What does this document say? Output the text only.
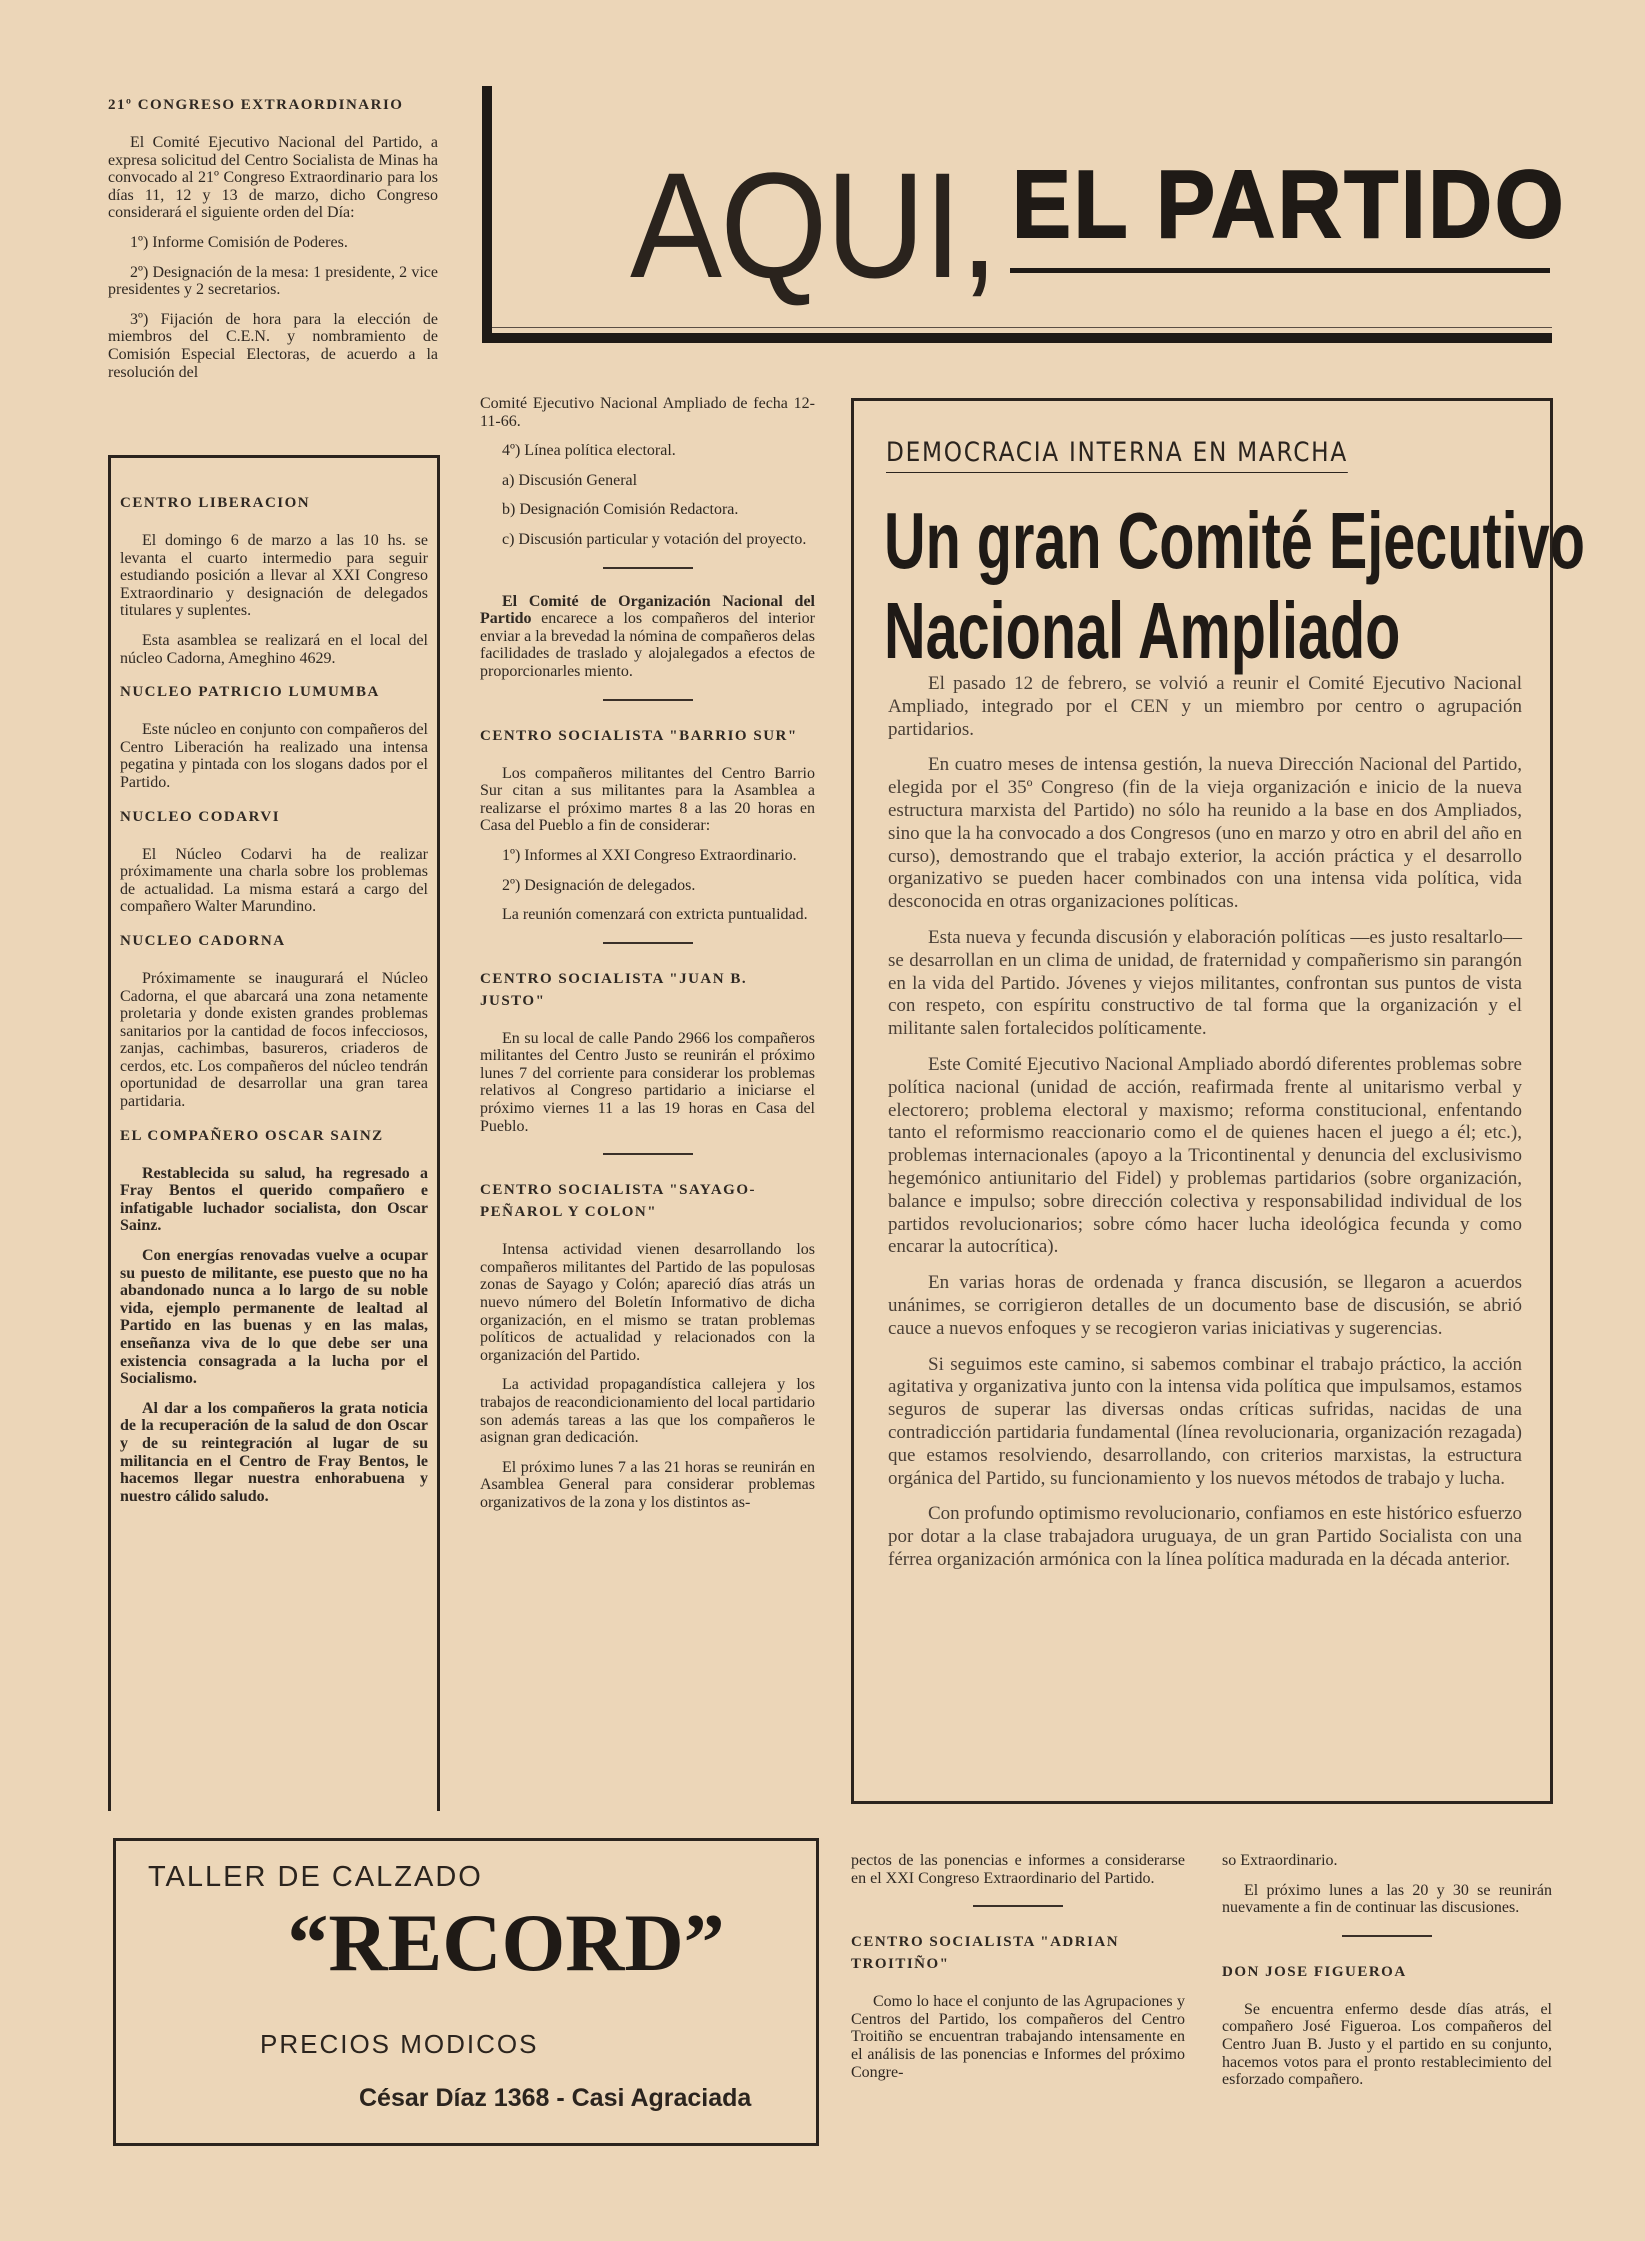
AQUI, EL PARTIDO
21º CONGRESO EXTRAORDINARIO

El Comité Ejecutivo Nacional del Partido, a expresa solicitud del Centro Socialista de Minas ha convocado al 21º Congreso Extraordinario para los días 11, 12 y 13 de marzo, dicho Congreso considerará el siguiente orden del Día:

1º) Informe Comisión de Poderes.

2º) Designación de la mesa: 1 presidente, 2 vice presidentes y 2 secretarios.

3º) Fijación de hora para la elección de miembros del C.E.N. y nombramiento de Comisión Especial Electoras, de acuerdo a la resolución del

CENTRO LIBERACION

El domingo 6 de marzo a las 10 hs. se levanta el cuarto intermedio para seguir estudiando posición a llevar al XXI Congreso Extraordinario y designación de delegados titulares y suplentes.

Esta asamblea se realizará en el local del núcleo Cadorna, Ameghino 4629.

NUCLEO PATRICIO LUMUMBA

Este núcleo en conjunto con compañeros del Centro Liberación ha realizado una intensa pegatina y pintada con los slogans dados por el Partido.

NUCLEO CODARVI

El Núcleo Codarvi ha de realizar próximamente una charla sobre los problemas de actualidad. La misma estará a cargo del compañero Walter Marundino.

NUCLEO CADORNA

Próximamente se inaugurará el Núcleo Cadorna, el que abarcará una zona netamente proletaria y donde existen grandes problemas sanitarios por la cantidad de focos infecciosos, zanjas, cachimbas, basureros, criaderos de cerdos, etc. Los compañeros del núcleo tendrán oportunidad de desarrollar una gran tarea partidaria.

EL COMPAÑERO OSCAR SAINZ

Restablecida su salud, ha regresado a Fray Bentos el querido compañero e infatigable luchador socialista, don Oscar Sainz.

Con energías renovadas vuelve a ocupar su puesto de militante, ese puesto que no ha abandonado nunca a lo largo de su noble vida, ejemplo permanente de lealtad al Partido en las buenas y en las malas, enseñanza viva de lo que debe ser una existencia consagrada a la lucha por el Socialismo.

Al dar a los compañeros la grata noticia de la recuperación de la salud de don Oscar y de su reintegración al lugar de su militancia en el Centro de Fray Bentos, le hacemos llegar nuestra enhorabuena y nuestro cálido saludo.

Comité Ejecutivo Nacional Ampliado de fecha 12-11-66.

4º) Línea política electoral.

a) Discusión General

b) Designación Comisión Redactora.

c) Discusión particular y votación del proyecto.

El Comité de Organización Nacional del Partido encarece a los compañeros del interior enviar a la brevedad la nómina de compañeros delas facilidades de traslado y alojalegados a efectos de proporcionarles miento.

CENTRO SOCIALISTA "BARRIO SUR"

Los compañeros militantes del Centro Barrio Sur citan a sus militantes para la Asamblea a realizarse el próximo martes 8 a las 20 horas en Casa del Pueblo a fin de considerar:

1º) Informes al XXI Congreso Extraordinario.

2º) Designación de delegados.

La reunión comenzará con extricta puntualidad.

CENTRO SOCIALISTA "JUAN B. JUSTO"

En su local de calle Pando 2966 los compañeros militantes del Centro Justo se reunirán el próximo lunes 7 del corriente para considerar los problemas relativos al Congreso partidario a iniciarse el próximo viernes 11 a las 19 horas en Casa del Pueblo.

CENTRO SOCIALISTA "SAYAGO-PEÑAROL Y COLON"

Intensa actividad vienen desarrollando los compañeros militantes del Partido de las populosas zonas de Sayago y Colón; apareció días atrás un nuevo número del Boletín Informativo de dicha organización, en el mismo se tratan problemas políticos de actualidad y relacionados con la organización del Partido.

La actividad propagandística callejera y los trabajos de reacondicionamiento del local partidario son además tareas a las que los compañeros le asignan gran dedicación.

El próximo lunes 7 a las 21 horas se reunirán en Asamblea General para considerar problemas organizativos de la zona y los distintos as-

DEMOCRACIA INTERNA EN MARCHA
Un gran Comité Ejecutivo
Nacional Ampliado

El pasado 12 de febrero, se volvió a reunir el Comité Ejecutivo Nacional Ampliado, integrado por el CEN y un miembro por centro o agrupación partidarios.

En cuatro meses de intensa gestión, la nueva Dirección Nacional del Partido, elegida por el 35º Congreso (fin de la vieja organización e inicio de la nueva estructura marxista del Partido) no sólo ha reunido a la base en dos Ampliados, sino que la ha convocado a dos Congresos (uno en marzo y otro en abril del año en curso), demostrando que el trabajo exterior, la acción práctica y el desarrollo organizativo se pueden hacer combinados con una intensa vida política, vida desconocida en otras organizaciones políticas.

Esta nueva y fecunda discusión y elaboración políticas —es justo resaltarlo— se desarrollan en un clima de unidad, de fraternidad y compañerismo sin parangón en la vida del Partido. Jóvenes y viejos militantes, confrontan sus puntos de vista con respeto, con espíritu constructivo de tal forma que la organización y el militante salen fortalecidos políticamente.

Este Comité Ejecutivo Nacional Ampliado abordó diferentes problemas sobre política nacional (unidad de acción, reafirmada frente al unitarismo verbal y electorero; problema electoral y maxismo; reforma constitucional, enfentando tanto el reformismo reaccionario como el de quienes hacen el juego a él; etc.), problemas internacionales (apoyo a la Tricontinental y denuncia del exclusivismo hegemónico antiunitario del Fidel) y problemas partidarios (sobre organización, balance e impulso; sobre dirección colectiva y responsabilidad individual de los partidos revolucionarios; sobre cómo hacer lucha ideológica fecunda y como encarar la autocrítica).

En varias horas de ordenada y franca discusión, se llegaron a acuerdos unánimes, se corrigieron detalles de un documento base de discusión, se abrió cauce a nuevos enfoques y se recogieron varias iniciativas y sugerencias.

Si seguimos este camino, si sabemos combinar el trabajo práctico, la acción agitativa y organizativa junto con la intensa vida política que impulsamos, estamos seguros de superar las diversas ondas críticas sufridas, nacidas de una contradicción partidaria fundamental (línea revolucionaria, organización rezagada) que estamos resolviendo, desarrollando, con criterios marxistas, la estructura orgánica del Partido, su funcionamiento y los nuevos métodos de trabajo y lucha.

Con profundo optimismo revolucionario, confiamos en este histórico esfuerzo por dotar a la clase trabajadora uruguaya, de un gran Partido Socialista con una férrea organización armónica con la línea política madurada en la década anterior.

TALLER DE CALZADO
“RECORD”
PRECIOS MODICOS
César Díaz 1368 - Casi Agraciada

pectos de las ponencias e informes a considerarse en el XXI Congreso Extraordinario del Partido.

CENTRO SOCIALISTA "ADRIAN TROITIÑO"

Como lo hace el conjunto de las Agrupaciones y Centros del Partido, los compañeros del Centro Troitiño se encuentran trabajando intensamente en el análisis de las ponencias e Informes del próximo Congre-

so Extraordinario.

El próximo lunes a las 20 y 30 se reunirán nuevamente a fin de continuar las discusiones.

DON JOSE FIGUEROA

Se encuentra enfermo desde días atrás, el compañero José Figueroa. Los compañeros del Centro Juan B. Justo y el partido en su conjunto, hacemos votos para el pronto restablecimiento del esforzado compañero.
